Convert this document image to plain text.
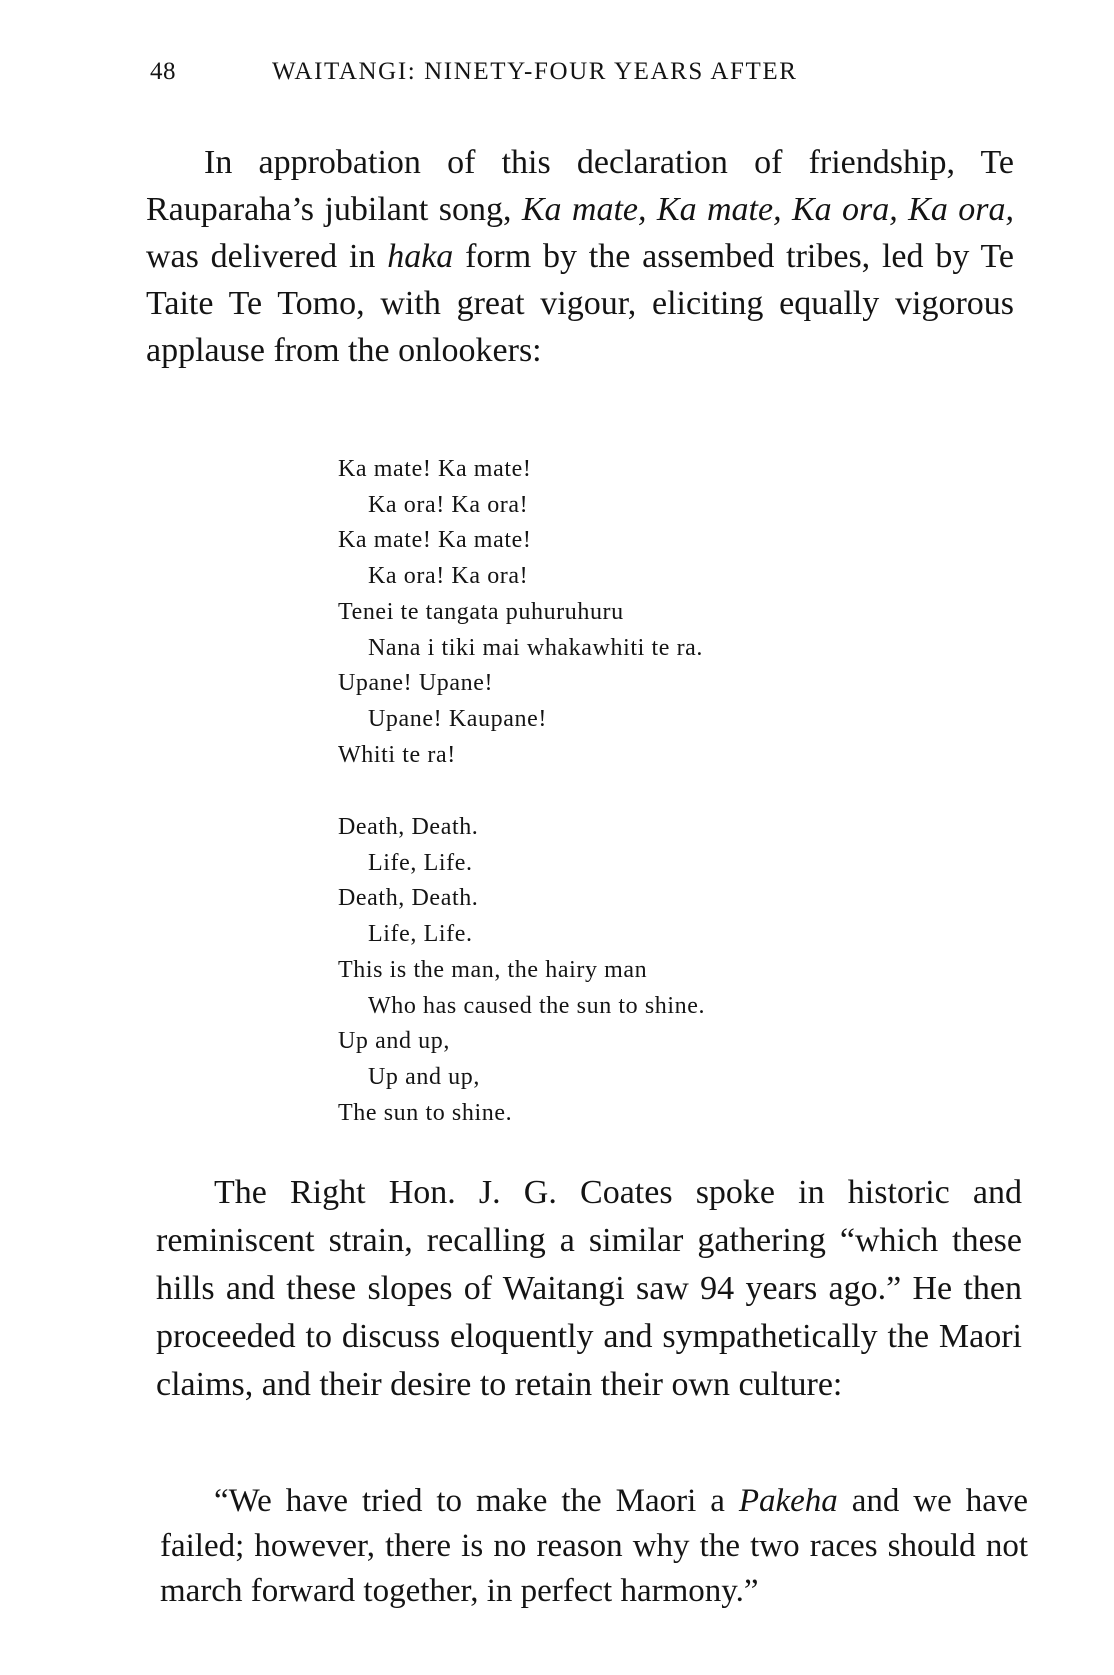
48	WAITANGI: NINETY-FOUR YEARS AFTER

In approbation of this declaration of friendship, Te Rauparaha’s jubilant song, Ka mate, Ka mate, Ka ora, Ka ora, was delivered in haka form by the assembed tribes, led by Te Taite Te Tomo, with great vigour, eliciting equally vigorous applause from the onlookers:

Ka mate! Ka mate!
Ka ora! Ka ora!
Ka mate! Ka mate!
Ka ora! Ka ora!
Tenei te tangata puhuruhuru
Nana i tiki mai whakawhiti te ra.
Upane! Upane!
Upane! Kaupane!
Whiti te ra!
Death, Death.
Life, Life.
Death, Death.
Life, Life.
This is the man, the hairy man
Who has caused the sun to shine.
Up and up,
Up and up,
The sun to shine.

The Right Hon. J. G. Coates spoke in historic and reminiscent strain, recalling a similar gathering “which these hills and these slopes of Waitangi saw 94 years ago.” He then proceeded to discuss eloquently and sympathetically the Maori claims, and their desire to retain their own culture:

“We have tried to make the Maori a Pakeha and we have failed; however, there is no reason why the two races should not march forward together, in perfect harmony.”
